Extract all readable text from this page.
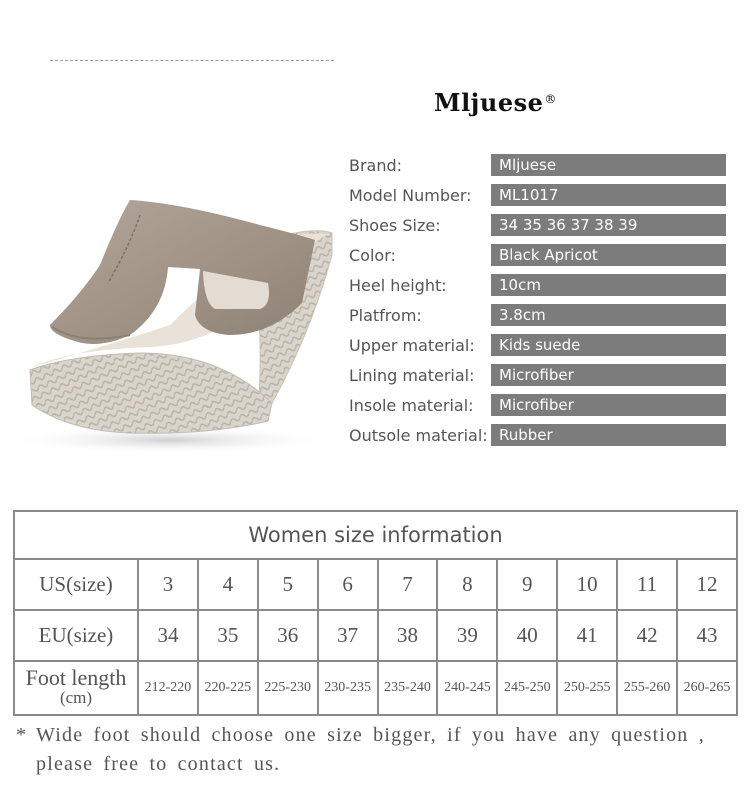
Mljuese®
Brand:	Mljuese
Model Number:	ML1017
Shoes Size:	34 35 36 37 38 39
Color:	Black Apricot
Heel height:	10cm
Platfrom:	3.8cm
Upper material:	Kids suede
Lining material:	Microfiber
Insole material:	Microfiber
Outsole material: Rubber
Women size information										
US(size)	3	4	5	6	7	8	9	10	11	12
EU(size)	34	35	36	37	38	39	40	41	42	43

Foot length
(cm)	212-220	220-225	225-230	230-235	235-240	240-245	245-250	250-255	255-260	260-265
* Wide foot should choose one size bigger, if you have any question ,
please free to contact us.
